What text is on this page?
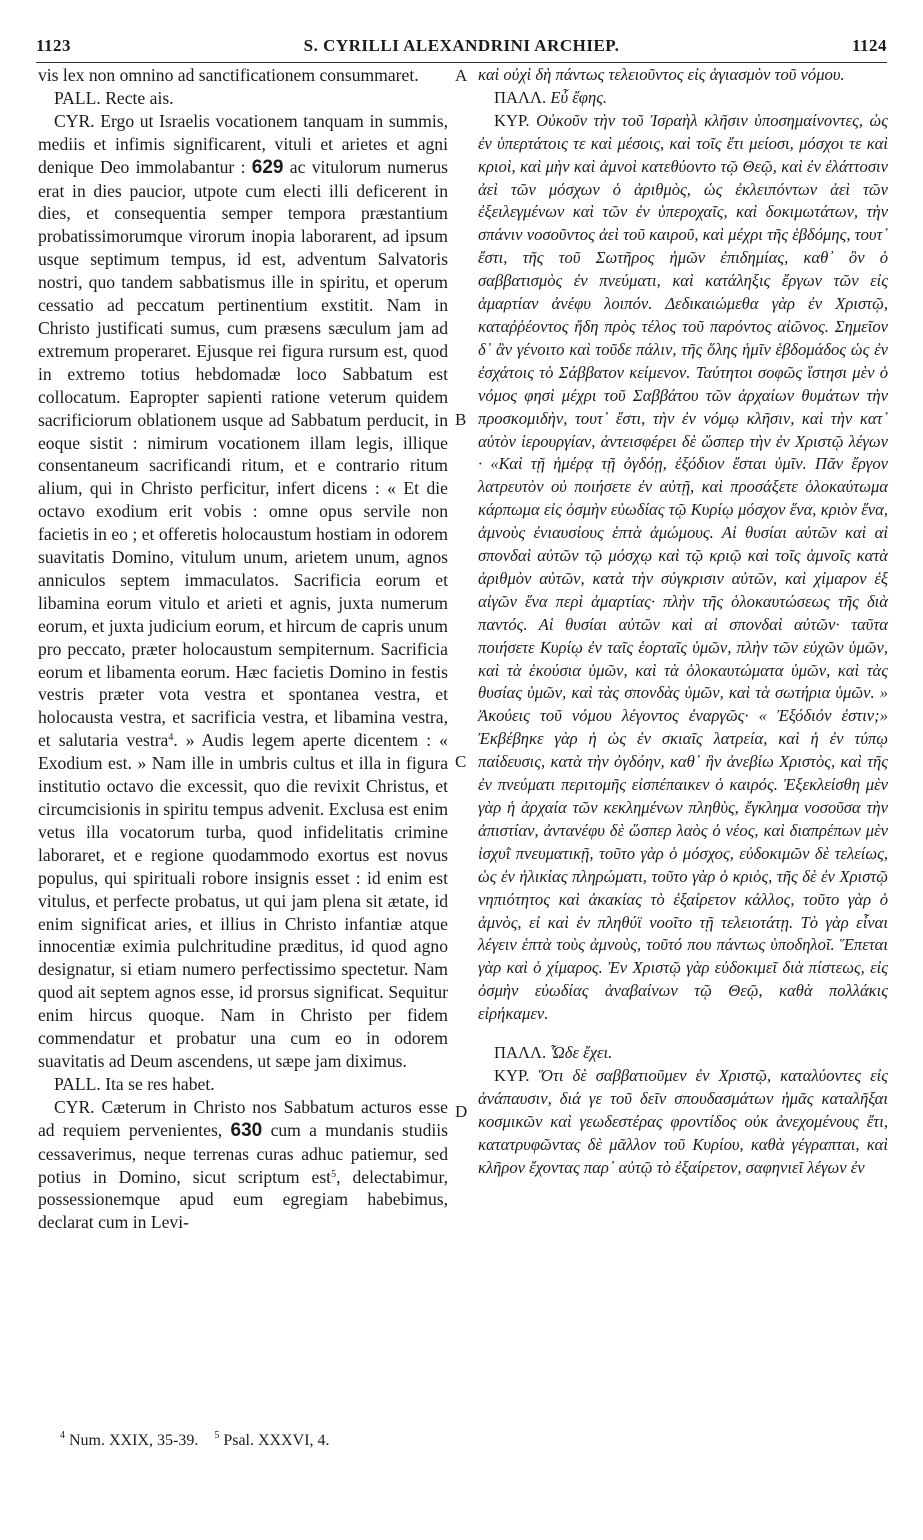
1123	S. CYRILLI ALEXANDRINI ARCHIEP.	1124

vis lex non omnino ad sanctificationem consummaret.

PALL. Recte ais.

CYR. Ergo ut Israelis vocationem tanquam in summis, mediis et infimis significarent, vituli et arietes et agni denique Deo immolabantur : 629 ac vitulorum numerus erat in dies paucior, utpote cum electi illi deficerent in dies, et consequentia semper tempora præstantium probatissimorumque virorum inopia laborarent, ad ipsum usque septimum tempus, id est, adventum Salvatoris nostri, quo tandem sabbatismus ille in spiritu, et operum cessatio ad peccatum pertinentium exstitit. Nam in Christo justificati sumus, cum præsens sæculum jam ad extremum properaret. Ejusque rei figura rursum est, quod in extremo totius hebdomadæ loco Sabbatum est collocatum. Eapropter sapienti ratione veterum quidem sacrificiorum oblationem usque ad Sabbatum perducit, in eoque sistit : nimirum vocationem illam legis, illique consentaneum sacrificandi ritum, et e contrario ritum alium, qui in Christo perficitur, infert dicens : « Et die octavo exodium erit vobis : omne opus servile non facietis in eo ; et offeretis holocaustum hostiam in odorem suavitatis Domino, vitulum unum, arietem unum, agnos anniculos septem immaculatos. Sacrificia eorum et libamina eorum vitulo et arieti et agnis, juxta numerum eorum, et juxta judicium eorum, et hircum de capris unum pro peccato, præter holocaustum sempiternum. Sacrificia eorum et libamenta eorum. Hæc facietis Domino in festis vestris præter vota vestra et spontanea vestra, et holocausta vestra, et sacrificia vestra, et libamina vestra, et salutaria vestra$^4$. » Audis legem aperte dicentem : « Exodium est. » Nam ille in umbris cultus et illa in figura institutio octavo die excessit, quo die revixit Christus, et circumcisionis in spiritu tempus advenit. Exclusa est enim vetus illa vocatorum turba, quod infidelitatis crimine laboraret, et e regione quodammodo exortus est novus populus, qui spirituali robore insignis esset : id enim est vitulus, et perfecte probatus, ut qui jam plena sit ætate, id enim significat aries, et illius in Christo infantiæ atque innocentiæ eximia pulchritudine præditus, id quod agno designatur, si etiam numero perfectissimo spectetur. Nam quod ait septem agnos esse, id prorsus significat. Sequitur enim hircus quoque. Nam in Christo per fidem commendatur et probatur una cum eo in odorem suavitatis ad Deum ascendens, ut sæpe jam diximus.

PALL. Ita se res habet.

CYR. Cæterum in Christo nos Sabbatum acturos esse ad requiem pervenientes, 630 cum a mundanis studiis cessaverimus, neque terrenas curas adhuc patiemur, sed potius in Domino, sicut scriptum est$^5$, delectabimur, possessionemque apud eum egregiam habebimus, declarat cum in Levi-

A
B
C
D

καὶ οὐχὶ δὴ πάντως τελειοῦντος εἰς ἁγιασμὸν τοῦ νόμου.

ΠΑΛΛ. Εὖ ἔφης.

ΚΥΡ. Οὐκοῦν τὴν τοῦ Ἰσραὴλ κλῆσιν ὑποσημαίνοντες, ὡς ἐν ὑπερτάτοις τε καὶ μέσοις, καὶ τοῖς ἔτι μείοσι, μόσχοι τε καὶ κριοὶ, καὶ μὴν καὶ ἀμνοὶ κατεθύοντο τῷ Θεῷ, καὶ ἐν ἐλάττοσιν ἀεὶ τῶν μόσχων ὁ ἀριθμὸς, ὡς ἐκλειπόντων ἀεὶ τῶν ἐξειλεγμένων καὶ τῶν ἐν ὑπεροχαῖς, καὶ δοκιμωτάτων, τὴν σπάνιν νοσοῦντος ἀεὶ τοῦ καιροῦ, καὶ μέχρι τῆς ἑβδόμης, τουτ᾽ ἔστι, τῆς τοῦ Σωτῆρος ἡμῶν ἐπιδημίας, καθ᾽ ὃν ὁ σαββατισμὸς ἐν πνεύματι, καὶ κατάληξις ἔργων τῶν εἰς ἁμαρτίαν ἀνέφυ λοιπόν. Δεδικαιώμεθα γὰρ ἐν Χριστῷ, καταῤῥέοντος ἤδη πρὸς τέλος τοῦ παρόντος αἰῶνος. Σημεῖον δ᾽ ἂν γένοιτο καὶ τοῦδε πάλιν, τῆς ὅλης ἡμῖν ἑβδομάδος ὡς ἐν ἐσχάτοις τὸ Σάββατον κείμενον. Ταύτητοι σοφῶς ἵστησι μὲν ὁ νόμος φησὶ μέχρι τοῦ Σαββάτου τῶν ἀρχαίων θυμάτων τὴν προσκομιδὴν, τουτ᾽ ἔστι, τὴν ἐν νόμῳ κλῆσιν, καὶ τὴν κατ᾽ αὐτὸν ἱερουργίαν, ἀντεισφέρει δὲ ὥσπερ τὴν ἐν Χριστῷ λέγων · «Καὶ τῇ ἡμέρᾳ τῇ ὀγδόῃ, ἐξόδιον ἔσται ὑμῖν. Πᾶν ἔργον λατρευτὸν οὐ ποιήσετε ἐν αὐτῇ, καὶ προσάξετε ὁλοκαύτωμα κάρπωμα εἰς ὀσμὴν εὐωδίας τῷ Κυρίῳ μόσχον ἕνα, κριὸν ἕνα, ἀμνοὺς ἐνιαυσίους ἑπτὰ ἀμώμους. Αἱ θυσίαι αὐτῶν καὶ αἱ σπονδαὶ αὐτῶν τῷ μόσχῳ καὶ τῷ κριῷ καὶ τοῖς ἀμνοῖς κατὰ ἀριθμὸν αὐτῶν, κατὰ τὴν σύγκρισιν αὐτῶν, καὶ χίμαρον ἐξ αἰγῶν ἕνα περὶ ἁμαρτίας· πλὴν τῆς ὁλοκαυτώσεως τῆς διὰ παντός. Αἱ θυσίαι αὐτῶν καὶ αἱ σπονδαὶ αὐτῶν· ταῦτα ποιήσετε Κυρίῳ ἐν ταῖς ἑορταῖς ὑμῶν, πλὴν τῶν εὐχῶν ὑμῶν, καὶ τὰ ἑκούσια ὑμῶν, καὶ τὰ ὁλοκαυτώματα ὑμῶν, καὶ τὰς θυσίας ὑμῶν, καὶ τὰς σπονδὰς ὑμῶν, καὶ τὰ σωτήρια ὑμῶν. » Ἀκούεις τοῦ νόμου λέγοντος ἐναργῶς· « Ἐξόδιόν ἐστιν;» Ἐκβέβηκε γὰρ ἡ ὡς ἐν σκιαῖς λατρεία, καὶ ἡ ἐν τύπῳ παίδευσις, κατὰ τὴν ὀγδόην, καθ᾽ ἣν ἀνεβίω Χριστὸς, καὶ τῆς ἐν πνεύματι περιτομῆς εἰσπέπαικεν ὁ καιρός. Ἐξεκλείσθη μὲν γὰρ ἡ ἀρχαία τῶν κεκλημένων πληθὺς, ἔγκλημα νοσοῦσα τὴν ἀπιστίαν, ἀντανέφυ δὲ ὥσπερ λαὸς ὁ νέος, καὶ διαπρέπων μὲν ἰσχυῒ πνευματικῇ, τοῦτο γὰρ ὁ μόσχος, εὐδοκιμῶν δὲ τελείως, ὡς ἐν ἡλικίας πληρώματι, τοῦτο γὰρ ὁ κριὸς, τῆς δὲ ἐν Χριστῷ νηπιότητος καὶ ἀκακίας τὸ ἐξαίρετον κάλλος, τοῦτο γὰρ ὁ ἀμνὸς, εἰ καὶ ἐν πληθύϊ νοοῖτο τῇ τελειοτάτῃ. Τὸ γὰρ εἶναι λέγειν ἑπτὰ τοὺς ἀμνοὺς, τοῦτό που πάντως ὑποδηλοῖ. Ἕπεται γὰρ καὶ ὁ χίμαρος. Ἐν Χριστῷ γὰρ εὐδοκιμεῖ διὰ πίστεως, εἰς ὀσμὴν εὐωδίας ἀναβαίνων τῷ Θεῷ, καθὰ πολλάκις εἰρήκαμεν.

ΠΑΛΛ. Ὧδε ἔχει.

ΚΥΡ. Ὅτι δὲ σαββατιοῦμεν ἐν Χριστῷ, καταλύοντες εἰς ἀνάπαυσιν, διά γε τοῦ δεῖν σπουδασμάτων ἡμᾶς καταλῆξαι κοσμικῶν καὶ γεωδεστέρας φροντίδος οὐκ ἀνεχομένους ἔτι, κατατρυφῶντας δὲ μᾶλλον τοῦ Κυρίου, καθὰ γέγραπται, καὶ κλῆρον ἔχοντας παρ᾽ αὐτῷ τὸ ἐξαίρετον, σαφηνιεῖ λέγων ἐν

$^4$ Num. XXIX, 35-39. $^5$ Psal. XXXVI, 4.
